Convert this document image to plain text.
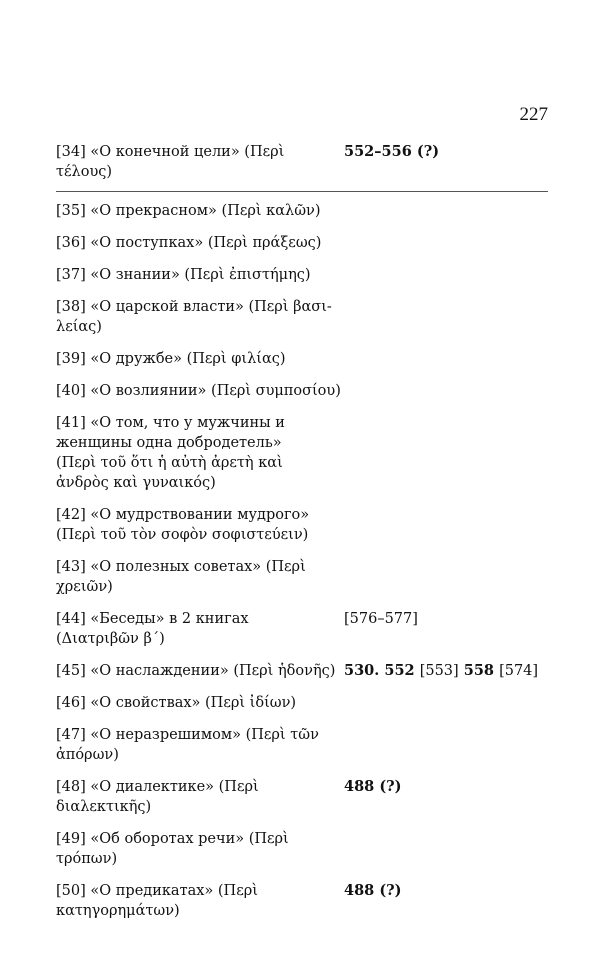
227
[34] «О конечной цели» (Περὶ
τέλους)
552–556 (?)
[35] «О прекрасном» (Περὶ καλῶν)
[36] «О поступках» (Περὶ πράξεως)
[37] «О знании» (Περὶ ἐπιστήμης)
[38] «О царской власти» (Περὶ βασι-
λείας)
[39] «О дружбе» (Περὶ φιλίας)
[40] «О возлиянии» (Περὶ συμποσίου)
[41] «О том, что у мужчины и
женщины одна добродетель»
(Περὶ τοῦ ὅτι ἡ αὐτὴ ἀρετὴ καὶ
ἀνδρὸς καὶ γυναικός)
[42] «О мудрствовании мудрого»
(Περὶ τοῦ τὸν σοφὸν σοφιστεύειν)
[43] «О полезных советах» (Περὶ
χρειῶν)
[44] «Беседы» в 2 книгах
(Διατριβῶν β´)
[576–577]
[45] «О наслаждении» (Περὶ ἡδονῆς) 530. 552 [553] 558 [574]
[46] «О свойствах» (Περὶ ἰδίων)
[47] «О неразрешимом» (Περὶ τῶν
ἀπόρων)
[48] «О диалектике» (Περὶ
διαλεκτικῆς)
488 (?)
[49] «Об оборотах речи» (Περὶ
τρόπων)
[50] «О предикатах» (Περὶ
κατηγορημάτων)
488 (?)
